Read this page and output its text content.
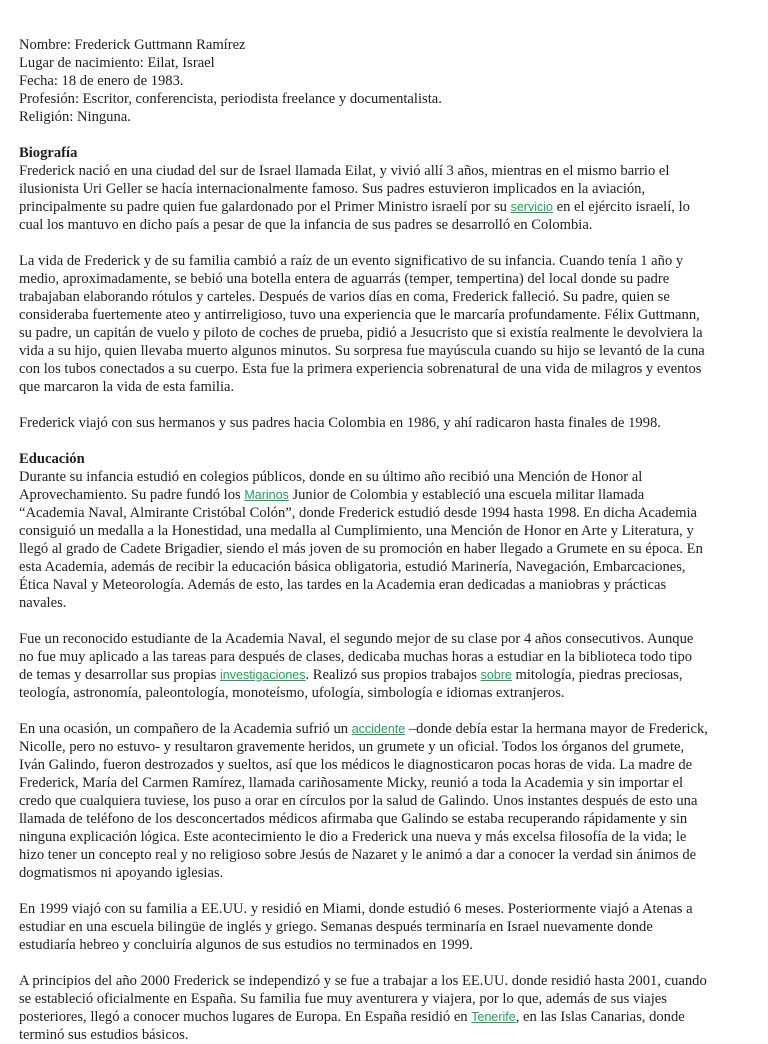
Nombre: Frederick Guttmann Ramírez
Lugar de nacimiento: Eilat, Israel
Fecha: 18 de enero de 1983.
Profesión: Escritor, conferencista, periodista freelance y documentalista.
Religión: Ninguna.
Biografía
Frederick nació en una ciudad del sur de Israel llamada Eilat, y vivió allí 3 años, mientras en el mismo barrio el
ilusionista Uri Geller se hacía internacionalmente famoso. Sus padres estuvieron implicados en la aviación,
principalmente su padre quien fue galardonado por el Primer Ministro israelí por su servicio en el ejército israelí, lo
cual los mantuvo en dicho país a pesar de que la infancia de sus padres se desarrolló en Colombia.
La vida de Frederick y de su familia cambió a raíz de un evento significativo de su infancia. Cuando tenía 1 año y
medio, aproximadamente, se bebió una botella entera de aguarrás (temper, tempertina) del local donde su padre
trabajaban elaborando rótulos y carteles. Después de varios días en coma, Frederick falleció. Su padre, quien se
consideraba fuertemente ateo y antirreligioso, tuvo una experiencia que le marcaría profundamente. Félix Guttmann,
su padre, un capitán de vuelo y piloto de coches de prueba, pidió a Jesucristo que si existía realmente le devolviera la
vida a su hijo, quien llevaba muerto algunos minutos. Su sorpresa fue mayúscula cuando su hijo se levantó de la cuna
con los tubos conectados a su cuerpo. Esta fue la primera experiencia sobrenatural de una vida de milagros y eventos
que marcaron la vida de esta familia.
Frederick viajó con sus hermanos y sus padres hacia Colombia en 1986, y ahí radicaron hasta finales de 1998.
Educación
Durante su infancia estudió en colegios públicos, donde en su último año recibió una Mención de Honor al
Aprovechamiento. Su padre fundó los Marinos Junior de Colombia y estableció una escuela militar llamada
“Academia Naval, Almirante Cristóbal Colón”, donde Frederick estudió desde 1994 hasta 1998. En dicha Academia
consiguió un medalla a la Honestidad, una medalla al Cumplimiento, una Mención de Honor en Arte y Literatura, y
llegó al grado de Cadete Brigadier, siendo el más joven de su promoción en haber llegado a Grumete en su época. En
esta Academia, además de recibir la educación básica obligatoria, estudió Marinería, Navegación, Embarcaciones,
Ética Naval y Meteorología. Además de esto, las tardes en la Academia eran dedicadas a maniobras y prácticas
navales.
Fue un reconocido estudiante de la Academia Naval, el segundo mejor de su clase por 4 años consecutivos. Aunque
no fue muy aplicado a las tareas para después de clases, dedicaba muchas horas a estudiar en la biblioteca todo tipo
de temas y desarrollar sus propias investigaciones. Realizó sus propios trabajos sobre mitología, piedras preciosas,
teología, astronomía, paleontología, monoteísmo, ufología, simbología e idiomas extranjeros.
En una ocasión, un compañero de la Academia sufrió un accidente –donde debía estar la hermana mayor de Frederick,
Nicolle, pero no estuvo- y resultaron gravemente heridos, un grumete y un oficial. Todos los órganos del grumete,
Iván Galindo, fueron destrozados y sueltos, así que los médicos le diagnosticaron pocas horas de vida. La madre de
Frederick, María del Carmen Ramírez, llamada cariñosamente Micky, reunió a toda la Academia y sin importar el
credo que cualquiera tuviese, los puso a orar en círculos por la salud de Galindo. Unos instantes después de esto una
llamada de teléfono de los desconcertados médicos afirmaba que Galindo se estaba recuperando rápidamente y sin
ninguna explicación lógica. Este acontecimiento le dio a Frederick una nueva y más excelsa filosofía de la vida; le
hizo tener un concepto real y no religioso sobre Jesús de Nazaret y le animó a dar a conocer la verdad sin ánimos de
dogmatismos ni apoyando iglesias.
En 1999 viajó con su familia a EE.UU. y residió en Miami, donde estudió 6 meses. Posteriormente viajó a Atenas a
estudiar en una escuela bilingüe de inglés y griego. Semanas después terminaría en Israel nuevamente donde
estudiaría hebreo y concluiría algunos de sus estudios no terminados en 1999.
A principios del año 2000 Frederick se independizó y se fue a trabajar a los EE.UU. donde residió hasta 2001, cuando
se estableció oficialmente en España. Su familia fue muy aventurera y viajera, por lo que, además de sus viajes
posteriores, llegó a conocer muchos lugares de Europa. En España residió en Tenerife, en las Islas Canarias, donde
terminó sus estudios básicos.
